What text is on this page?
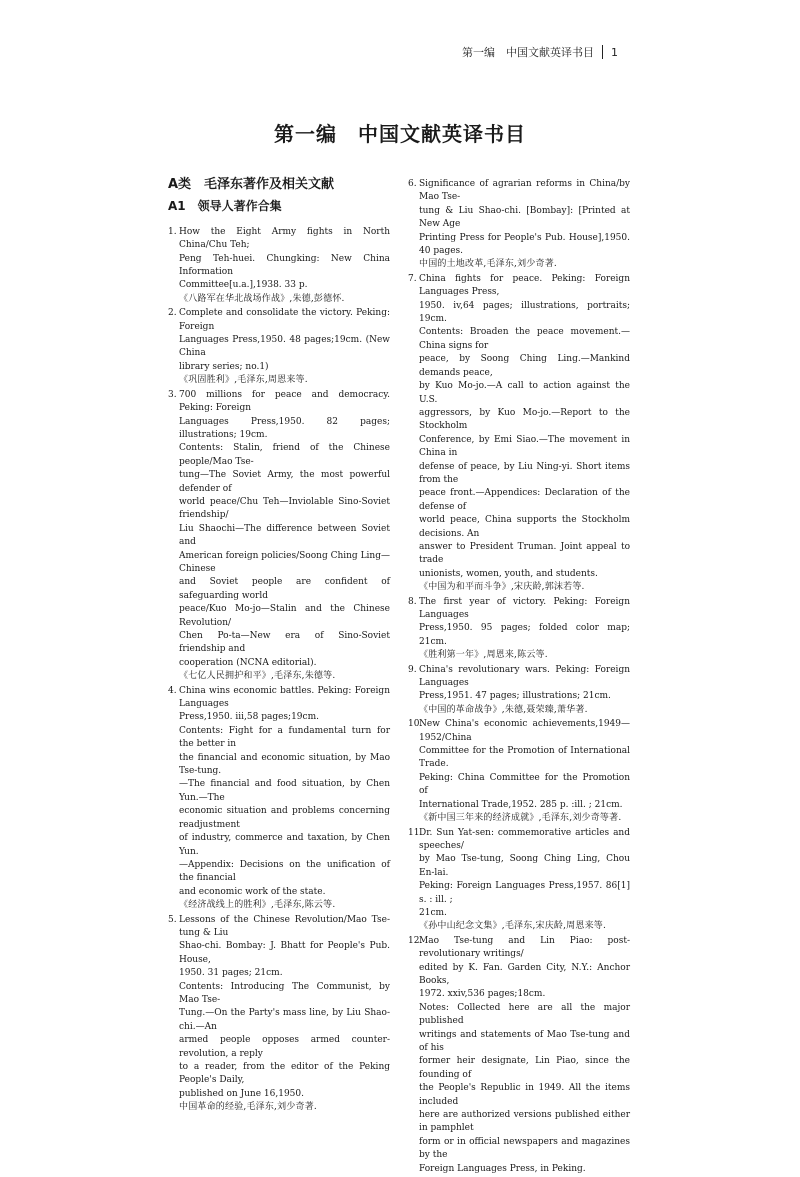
第一编　中国文献英译书目 1
第一编　中国文献英译书目
A类　毛泽东著作及相关文献
A1　领导人著作合集
1. How the Eight Army fights in North China/Chu Teh;

Peng Teh-huei. Chungking: New China Information

Committee[u.a.],1938. 33 p.

《八路军在华北战场作战》,朱德,彭德怀.

2. Complete and consolidate the victory. Peking: Foreign

Languages Press,1950. 48 pages;19cm. (New China

library series; no.1)

《巩固胜利》,毛泽东,周恩来等.

3. 700 millions for peace and democracy. Peking: Foreign

Languages Press,1950. 82 pages; illustrations; 19cm.

Contents: Stalin, friend of the Chinese people/Mao Tse-

tung—The Soviet Army, the most powerful defender of

world peace/Chu Teh—Inviolable Sino-Soviet friendship/

Liu Shaochi—The difference between Soviet and

American foreign policies/Soong Ching Ling—Chinese

and Soviet people are confident of safeguarding world

peace/Kuo Mo-jo—Stalin and the Chinese Revolution/

Chen Po-ta—New era of Sino-Soviet friendship and

cooperation (NCNA editorial).

《七亿人民拥护和平》,毛泽东,朱德等.

4. China wins economic battles. Peking: Foreign Languages

Press,1950. iii,58 pages;19cm.

Contents: Fight for a fundamental turn for the better in

the financial and economic situation, by Mao Tse-tung.

—The financial and food situation, by Chen Yun.—The

economic situation and problems concerning readjustment

of industry, commerce and taxation, by Chen Yun.

—Appendix: Decisions on the unification of the financial

and economic work of the state.

《经济战线上的胜利》,毛泽东,陈云等.

5. Lessons of the Chinese Revolution/Mao Tse-tung & Liu

Shao-chi. Bombay: J. Bhatt for People's Pub. House,

1950. 31 pages; 21cm.

Contents: Introducing The Communist, by Mao Tse-

Tung.—On the Party's mass line, by Liu Shao-chi.—An

armed people opposes armed counter-revolution, a reply

to a reader, from the editor of the Peking People's Daily,

published on June 16,1950.

中国革命的经验,毛泽东,刘少奇著.

6. Significance of agrarian reforms in China/by Mao Tse-

tung & Liu Shao-chi. [Bombay]: [Printed at New Age

Printing Press for People's Pub. House],1950. 40 pages.

中国的土地改革,毛泽东,刘少奇著.

7. China fights for peace. Peking: Foreign Languages Press,

1950. iv,64 pages; illustrations, portraits; 19cm.

Contents: Broaden the peace movement.—China signs for

peace, by Soong Ching Ling.—Mankind demands peace,

by Kuo Mo-jo.—A call to action against the U.S.

aggressors, by Kuo Mo-jo.—Report to the Stockholm

Conference, by Emi Siao.—The movement in China in

defense of peace, by Liu Ning-yi. Short items from the

peace front.—Appendices: Declaration of the defense of

world peace, China supports the Stockholm decisions. An

answer to President Truman. Joint appeal to trade

unionists, women, youth, and students.

《中国为和平而斗争》,宋庆龄,郭沫若等.

8. The first year of victory. Peking: Foreign Languages

Press,1950. 95 pages; folded color map; 21cm.

《胜利第一年》,周恩来,陈云等.

9. China's revolutionary wars. Peking: Foreign Languages

Press,1951. 47 pages; illustrations; 21cm.

《中国的革命战争》,朱德,聂荣臻,萧华著.

10.

New China's economic achievements,1949—1952/China

Committee for the Promotion of International Trade.

Peking: China Committee for the Promotion of

International Trade,1952. 285 p. :ill. ; 21cm.

《新中国三年来的经济成就》,毛泽东,刘少奇等著.

11.

Dr. Sun Yat-sen: commemorative articles and speeches/

by Mao Tse-tung, Soong Ching Ling, Chou En-lai.

Peking: Foreign Languages Press,1957. 86[1] s. : ill. ;

21cm.

《孙中山纪念文集》,毛泽东,宋庆龄,周恩来等.

12.

Mao Tse-tung and Lin Piao: post-revolutionary writings/

edited by K. Fan. Garden City, N.Y.: Anchor Books,

1972. xxiv,536 pages;18cm.

Notes: Collected here are all the major published

writings and statements of Mao Tse-tung and of his

former heir designate, Lin Piao, since the founding of

the People's Republic in 1949. All the items included

here are authorized versions published either in pamphlet

form or in official newspapers and magazines by the

Foreign Languages Press, in Peking.
